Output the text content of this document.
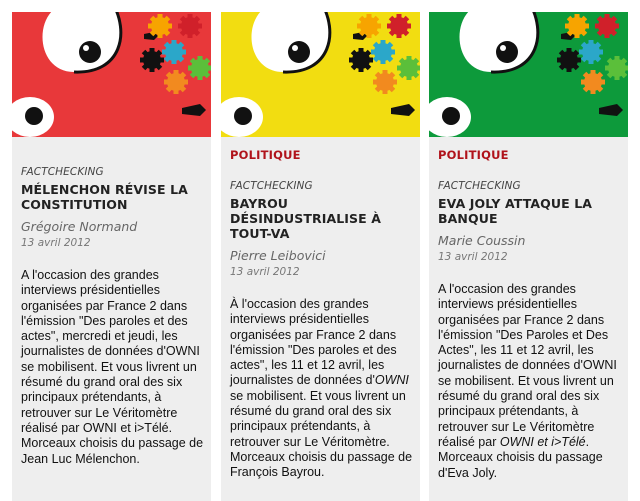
FACTCHECKING
MÉLENCHON RÉVISE LA CONSTITUTION
Grégoire Normand
13 avril 2012
A l'occasion des grandes interviews présidentielles organisées par France 2 dans l'émission "Des paroles et des actes", mercredi et jeudi, les journalistes de données d'OWNI se mobilisent. Et vous livrent un résumé du grand oral des six principaux prétendants, à retrouver sur Le Véritomètre réalisé par OWNI et i>Télé. Morceaux choisis du passage de Jean Luc Mélenchon.
POLITIQUE
FACTCHECKING
BAYROU DÉSINDUSTRIALISE À TOUT-VA
Pierre Leibovici
13 avril 2012
À l'occasion des grandes interviews présidentielles organisées par France 2 dans l'émission "Des paroles et des actes", les 11 et 12 avril, les journalistes de données d'OWNI se mobilisent. Et vous livrent un résumé du grand oral des six principaux prétendants, à retrouver sur Le Véritomètre. Morceaux choisis du passage de François Bayrou.
POLITIQUE
FACTCHECKING
EVA JOLY ATTAQUE LA BANQUE
Marie Coussin
13 avril 2012
A l'occasion des grandes interviews présidentielles organisées par France 2 dans l'émission "Des Paroles et Des Actes", les 11 et 12 avril, les journalistes de données d'OWNI se mobilisent. Et vous livrent un résumé du grand oral des six principaux prétendants, à retrouver sur Le Véritomètre réalisé par OWNI et i>Télé. Morceaux choisis du passage d'Eva Joly.
